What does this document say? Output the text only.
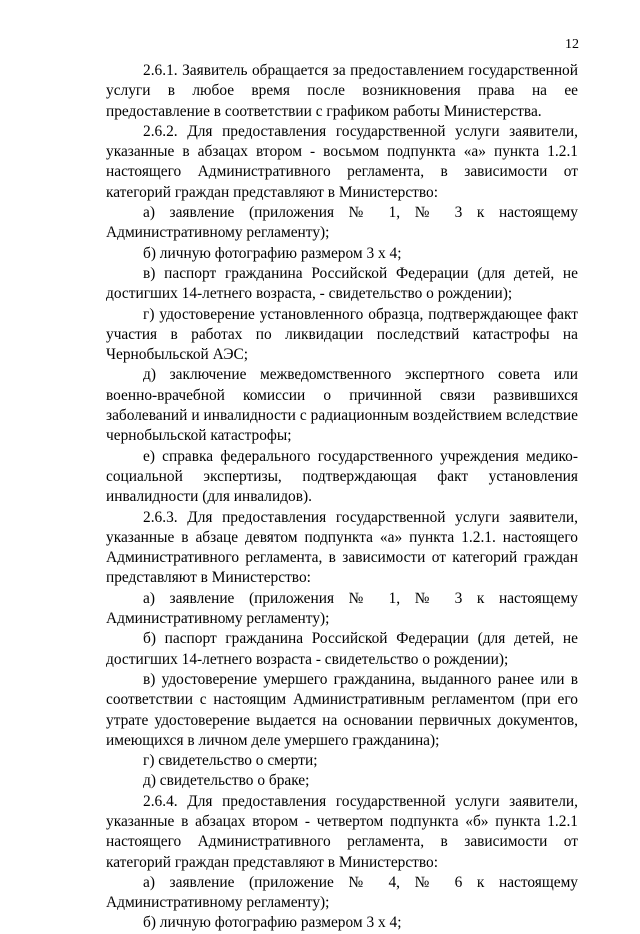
12

2.6.1. Заявитель обращается за предоставлением государственной услуги в любое время после возникновения права на ее предоставление в соответствии с графиком работы Министерства.

2.6.2. Для предоставления государственной услуги заявители, указанные в абзацах втором - восьмом подпункта «а» пункта 1.2.1 настоящего Административного регламента, в зависимости от категорий граждан представляют в Министерство:

а) заявление (приложения № 1, № 3 к настоящему Административному регламенту);

б) личную фотографию размером 3 х 4;

в) паспорт гражданина Российской Федерации (для детей, не достигших 14-летнего возраста, - свидетельство о рождении);

г) удостоверение установленного образца, подтверждающее факт участия в работах по ликвидации последствий катастрофы на Чернобыльской АЭС;

д) заключение межведомственного экспертного совета или военно-врачебной комиссии о причинной связи развившихся заболеваний и инвалидности с радиационным воздействием вследствие чернобыльской катастрофы;

е) справка федерального государственного учреждения медико-социальной экспертизы, подтверждающая факт установления инвалидности (для инвалидов).

2.6.3. Для предоставления государственной услуги заявители, указанные в абзаце девятом подпункта «а» пункта 1.2.1. настоящего Административного регламента, в зависимости от категорий граждан представляют в Министерство:

а) заявление (приложения № 1, № 3 к настоящему Административному регламенту);

б) паспорт гражданина Российской Федерации (для детей, не достигших 14-летнего возраста - свидетельство о рождении);

в) удостоверение умершего гражданина, выданного ранее или в соответствии с настоящим Административным регламентом (при его утрате удостоверение выдается на основании первичных документов, имеющихся в личном деле умершего гражданина);

г) свидетельство о смерти;

д) свидетельство о браке;

2.6.4. Для предоставления государственной услуги заявители, указанные в абзацах втором - четвертом подпункта «б» пункта 1.2.1 настоящего Административного регламента, в зависимости от категорий граждан представляют в Министерство:

а) заявление (приложение № 4, № 6 к настоящему Административному регламенту);

б) личную фотографию размером 3 х 4;
